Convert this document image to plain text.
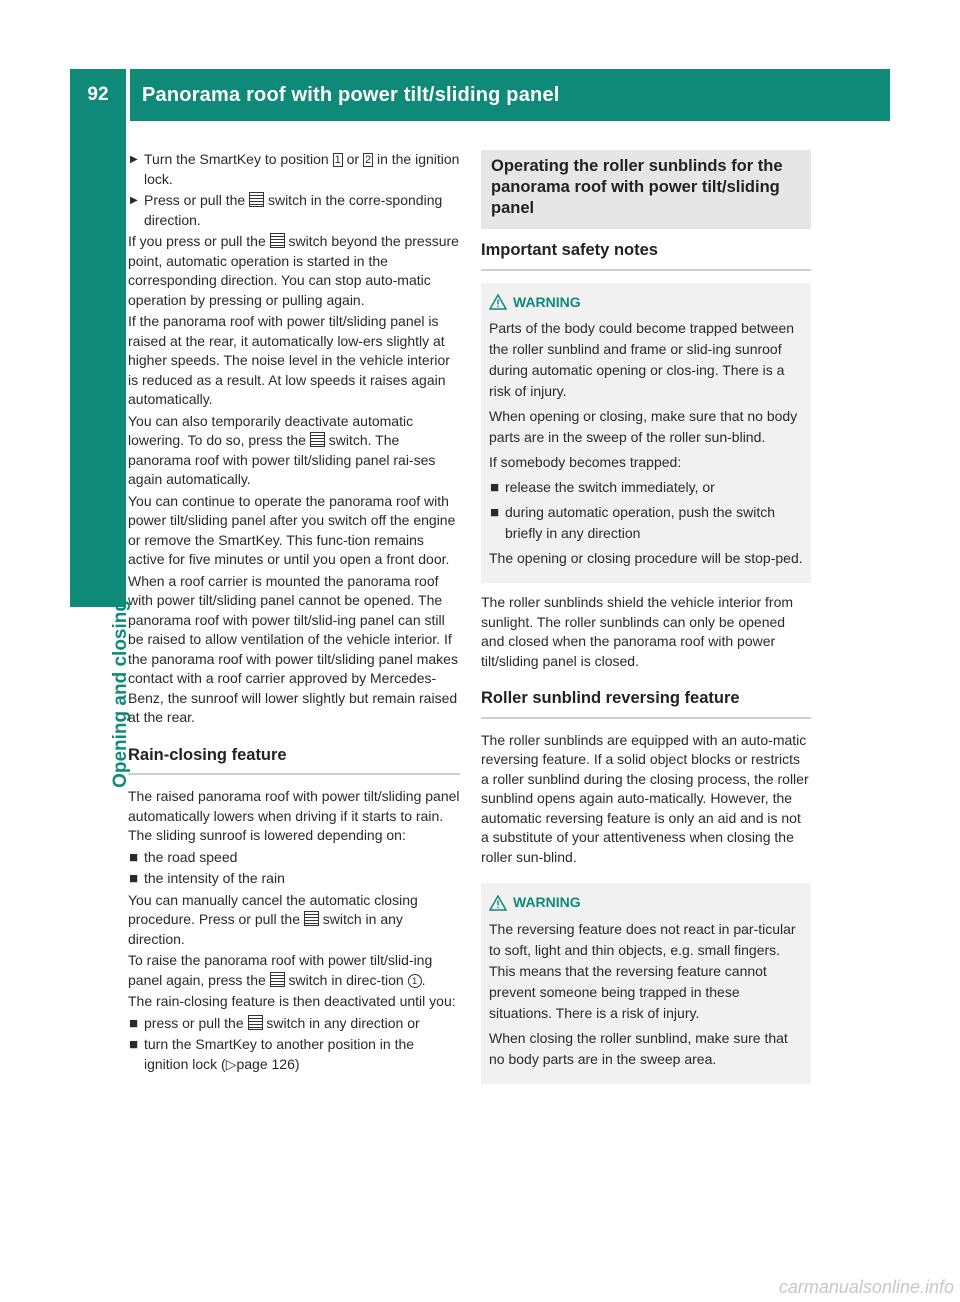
92	Panorama roof with power tilt/sliding panel
Opening and closing
▶ Turn the SmartKey to position 1 or 2 in the ignition lock.
▶ Press or pull the  switch in the corre-sponding direction.

If you press or pull the  switch beyond the pressure point, automatic operation is started in the corresponding direction. You can stop auto-matic operation by pressing or pulling again.

If the panorama roof with power tilt/sliding panel is raised at the rear, it automatically low-ers slightly at higher speeds. The noise level in the vehicle interior is reduced as a result. At low speeds it raises again automatically.

You can also temporarily deactivate automatic lowering. To do so, press the  switch. The panorama roof with power tilt/sliding panel rai-ses again automatically.

You can continue to operate the panorama roof with power tilt/sliding panel after you switch off the engine or remove the SmartKey. This func-tion remains active for five minutes or until you open a front door.

When a roof carrier is mounted the panorama roof with power tilt/sliding panel cannot be opened. The panorama roof with power tilt/slid-ing panel can still be raised to allow ventilation of the vehicle interior. If the panorama roof with power tilt/sliding panel makes contact with a roof carrier approved by Mercedes-Benz, the sunroof will lower slightly but remain raised at the rear.

Rain-closing feature

The raised panorama roof with power tilt/sliding panel automatically lowers when driving if it starts to rain. The sliding sunroof is lowered depending on:

■ the road speed
■ the intensity of the rain

You can manually cancel the automatic closing procedure. Press or pull the  switch in any direction.

To raise the panorama roof with power tilt/slid-ing panel again, press the  switch in direc-tion 1 .

The rain-closing feature is then deactivated until you:

■ press or pull the  switch in any direction or
■ turn the SmartKey to another position in the ignition lock (▷page 126)
Operating the roller sunblinds for the panorama roof with power tilt/sliding panel
Important safety notes
WARNING

Parts of the body could become trapped between the roller sunblind and frame or slid-ing sunroof during automatic opening or clos-ing. There is a risk of injury.

When opening or closing, make sure that no body parts are in the sweep of the roller sun-blind.

If somebody becomes trapped:

■ release the switch immediately, or
■ during automatic operation, push the switch briefly in any direction

The opening or closing procedure will be stop-ped.

The roller sunblinds shield the vehicle interior from sunlight. The roller sunblinds can only be opened and closed when the panorama roof with power tilt/sliding panel is closed.

Roller sunblind reversing feature

The roller sunblinds are equipped with an auto-matic reversing feature. If a solid object blocks or restricts a roller sunblind during the closing process, the roller sunblind opens again auto-matically. However, the automatic reversing feature is only an aid and is not a substitute of your attentiveness when closing the roller sun-blind.

WARNING

The reversing feature does not react in par-ticular to soft, light and thin objects, e.g. small fingers. This means that the reversing feature cannot prevent someone being trapped in these situations. There is a risk of injury.

When closing the roller sunblind, make sure that no body parts are in the sweep area.

carmanualsonline.info
